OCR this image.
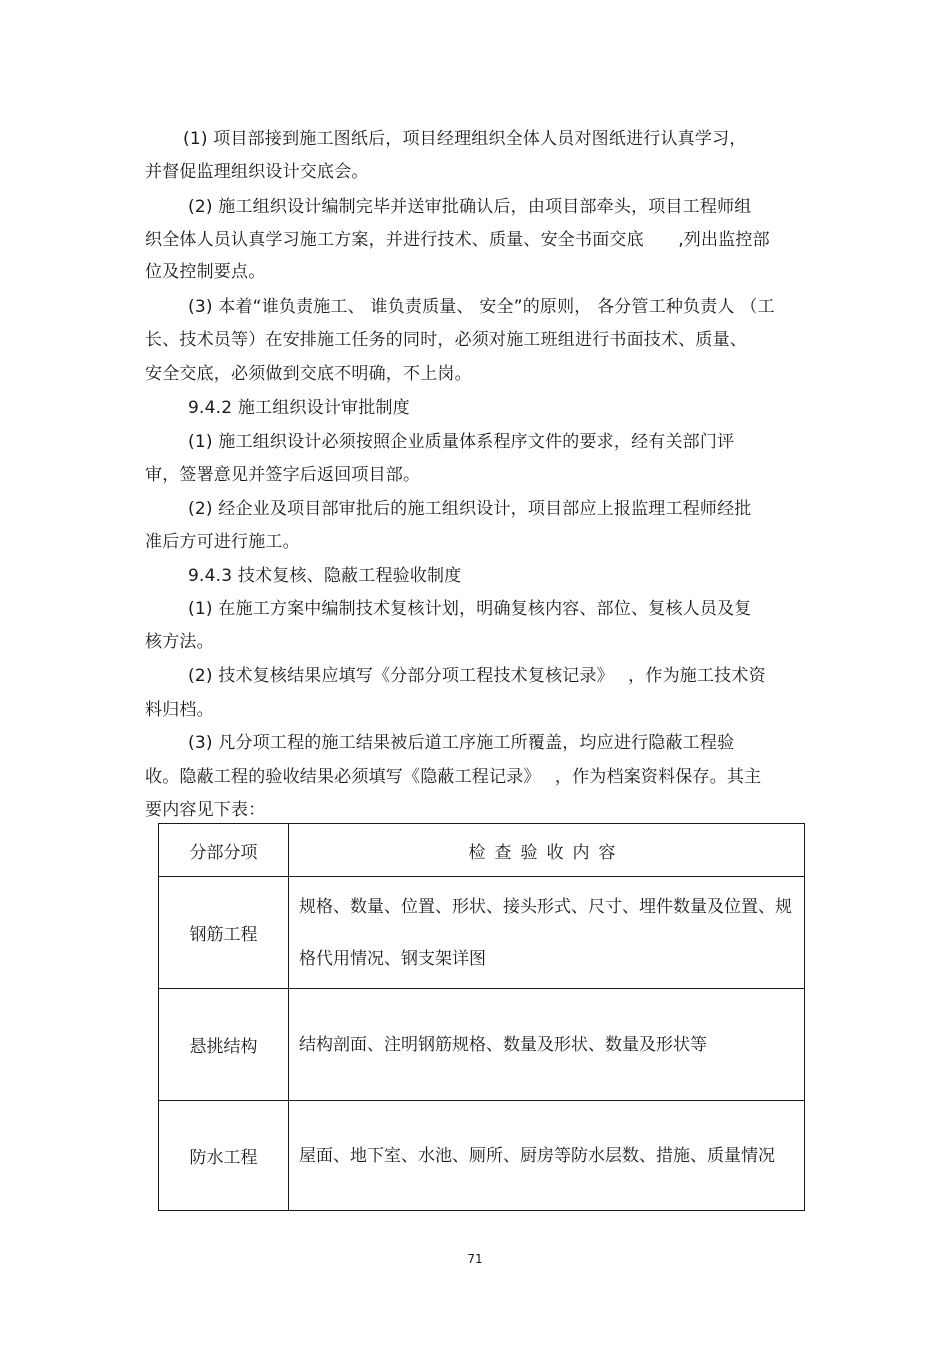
(1) 项目部接到施工图纸后，项目经理组织全体人员对图纸进行认真学习，
并督促监理组织设计交底会。
(2) 施工组织设计编制完毕并送审批确认后，由项目部牵头，项目工程师组
织全体人员认真学习施工方案，并进行技术、质量、安全书面交底　　,列出监控部
位及控制要点。
(3) 本着“谁负责施工、 谁负责质量、 安全”的原则， 各分管工种负责人 （工
长、技术员等）在安排施工任务的同时，必须对施工班组进行书面技术、质量、
安全交底，必须做到交底不明确，不上岗。
9.4.2 施工组织设计审批制度
(1) 施工组织设计必须按照企业质量体系程序文件的要求，经有关部门评
审，签署意见并签字后返回项目部。
(2) 经企业及项目部审批后的施工组织设计，项目部应上报监理工程师经批
准后方可进行施工。
9.4.3 技术复核、隐蔽工程验收制度
(1) 在施工方案中编制技术复核计划，明确复核内容、部位、复核人员及复
核方法。
(2) 技术复核结果应填写《分部分项工程技术复核记录》　 ，作为施工技术资
料归档。
(3) 凡分项工程的施工结果被后道工序施工所覆盖，均应进行隐蔽工程验
收。隐蔽工程的验收结果必须填写《隐蔽工程记录》　 ，作为档案资料保存。其主
要内容见下表：
分部分项	检查验收内容
钢筋工程	规格、数量、位置、形状、接头形式、尺寸、埋件数量及位置、规格代用情况、钢支架详图
悬挑结构	结构剖面、注明钢筋规格、数量及形状、数量及形状等
防水工程	屋面、地下室、水池、厕所、厨房等防水层数、措施、质量情况
71
